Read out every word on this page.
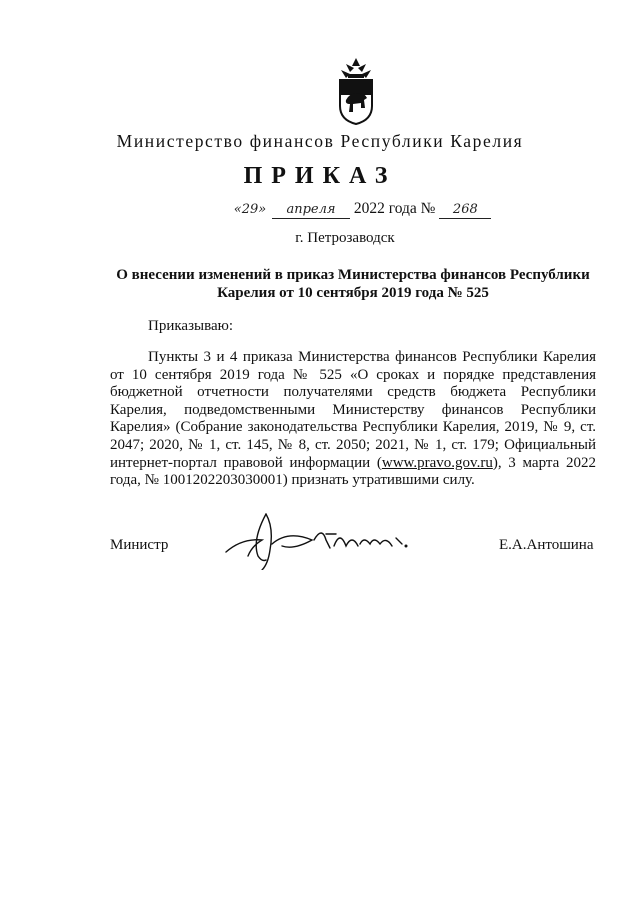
Министерство финансов Республики Карелия
ПРИКАЗ
«29» апреля 2022 года № 268
г. Петрозаводск
О внесении изменений в приказ Министерства финансов Республики Карелия от 10 сентября 2019 года № 525
Приказываю:
Пункты 3 и 4 приказа Министерства финансов Республики Карелия от 10 сентября 2019 года № 525 «О сроках и порядке представления бюджетной отчетности получателями средств бюджета Республики Карелия, подведомственными Министерству финансов Республики Карелия» (Собрание законодательства Республики Карелия, 2019, № 9, ст. 2047; 2020, № 1, ст. 145, № 8, ст. 2050; 2021, № 1, ст. 179; Официальный интернет-портал правовой информации (www.pravo.gov.ru), 3 марта 2022 года, № 1001202203030001) признать утратившими силу.
Министр	Е.А.Антошина
